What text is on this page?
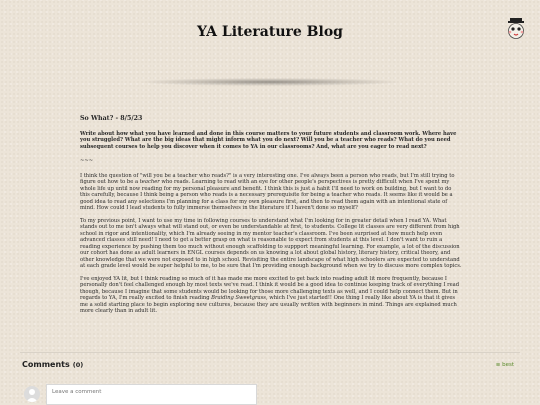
YA Literature Blog
So What? - 8/5/23
Write about how what you have learned and done in this course matters to your future students and classroom work. Where have you struggled? What are the big ideas that might inform what you do next? Will you be a teacher who reads? What do you need subsequent courses to help you discover when it comes to YA in our classrooms? And, what are you eager to read next?
~~~

I think the question of "will you be a teacher who reads?" is a very interesting one. I've always been a person who reads, but I'm still trying to figure out how to be a teacher who reads. Learning to read with an eye for other people's perspectives is pretty difficult when I've spent my whole life up until now reading for my personal pleasure and benefit. I think this is just a habit I'll need to work on building, but I want to do this carefully, because I think being a person who reads is a necessary prerequisite for being a teacher who reads. It seems like it would be a good idea to read any selections I'm planning for a class for my own pleasure first, and then to read them again with an intentional state of mind. How could I lead students to fully immerse themselves in the literature if I haven't done so myself?

To my previous point, I want to use my time in following courses to understand what I'm looking for in greater detail when I read YA. What stands out to me isn't always what will stand out, or even be understandable at first, to students. College lit classes are very different from high school in rigor and intentionality, which I'm already seeing in my mentor teacher's classroom. I've been surprised at how much help even advanced classes still need! I need to get a better grasp on what is reasonable to expect from students at this level. I don't want to ruin a reading experience by pushing them too much without enough scaffolding to suppport meaningful learning. For example, a lot of the discussion our cohort has done as adult learners in ENGL courses depends on us knowing a lot about global history, literary history, critical theory, and other knowledge that we were not exposed to in high school. Revisiting the entire landscape of what high schoolers are expected to understand at each grade level would be super helpful to me, to be sure that I'm providing enough background when we try to discuss more complex topics.

I've enjoyed YA lit, but I think reading so much of it has made me more excited to get back into reading adult lit more frequently, because I personally don't feel challenged enough by most texts we've read. I think it would be a good idea to continue keeping track of everything I read though, because I imagine that some students would be looking for those more challenging texts as well, and I could help connect them. But in regards to YA, I'm really excited to finish reading Braiding Sweetgrass, which I've just started!! One thing I really like about YA is that it gives me a solid starting place to begin exploring new cultures, because they are usually written with beginners in mind. Things are explained much more clearly than in adult lit.

Comments (0)	≡ best
Leave a comment
